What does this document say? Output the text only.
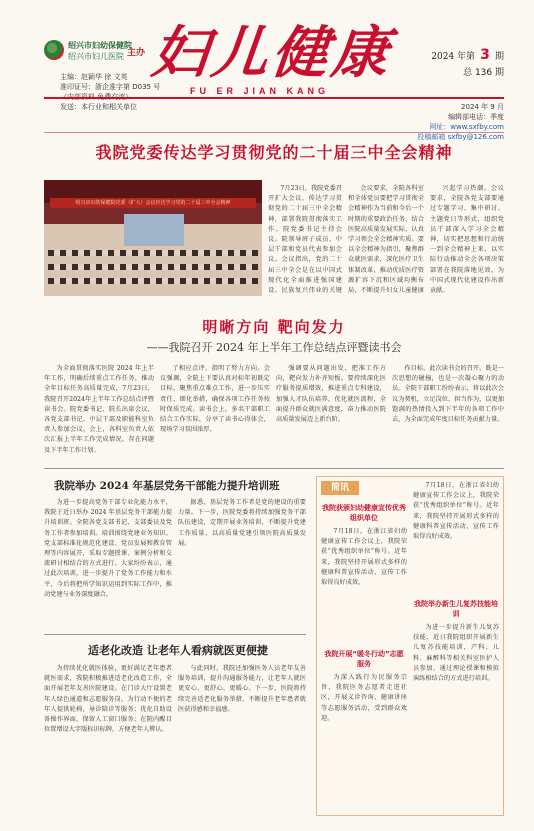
绍兴市妇幼保健院
绍兴市妇儿医院 主办 妇儿健康
FU ER JIAN KANG
2024 年第 3 期
总 136 期
主编：赵颖华 徐 文英
准印证号：浙企准字第 D035 号
发送：本行业和相关单位	2024 年 9 月
编辑部电话：季度
网址：www.sxfby.com
投稿邮箱 sxfby@126.com
我院党委传达学习贯彻党的二十届三中全会精神
绍兴市妇幼保健院党委（扩大）会议传达学习党的二十届三中全会精神

7月23日，我院党委召开扩大会议，传达学习贯彻党的二十届三中全会精神，部署我院贯彻落实工作。院党委书记主持会议。院领导班子成员、中层干部和党员代表参加会议。会议指出，党的二十届三中全会是在以中国式现代化全面推进强国建设、民族复兴伟业的关键

会议要求，全院各科室和全体党员要把学习贯彻全会精神作为当前和今后一个时期的重要政治任务，结合医院高质量发展实际，认真学习领会全会精神实质。要以全会精神为指引，聚焦群众就医需求，深化医疗卫生体制改革，推动优质医疗资源扩容下沉和区域均衡布局，不断提升妇女儿童健康

兴起学习热潮。会议要求，全院各党支部要通过专题学习、集中研讨、主题党日等形式，组织党员干部深入学习全会精神，切实把思想和行动统一到全会精神上来，以实际行动推动全会各项决策部署在我院落地见效，为中国式现代化建设作出新贡献。

明晰方向 靶向发力
——我院召开 2024 年上半年工作总结点评暨读书会

为全面贯彻落实医院 2024 年上半年工作，明确后续重点工作任务，推动全年目标任务高质量完成，7月23日，我院召开2024年上半年工作总结点评暨读书会。院党委书记、院长出席会议，各党支部书记、中层干部及职能科室负责人参加会议。会上，各科室负责人依次汇报上半年工作完成情况、存在问题及下半年工作计划。

了相应点评，指明了努力方向。会议强调，全院上下要认真对标年初既定目标，聚焦重点难点工作，进一步压实责任、细化举措，确保各项工作任务按时保质完成。读书会上，多名干部职工结合工作实际，分享了读书心得体会，现场学习氛围浓厚。

强调要从问题出发，把准工作方向，靶向发力补齐短板。要持续深化医疗服务提质增效，推进重点专科建设，加强人才队伍培养，优化就医流程，全面提升群众就医满意度，奋力推动医院高质量发展迈上新台阶。

作目标，此次读书会的召开，既是一次思想的碰撞，也是一次凝心聚力的动员。全院干部职工纷纷表示，将以此次会议为契机，立足岗位、担当作为，以更加饱满的热情投入到下半年的各项工作中去，为全面完成年度目标任务贡献力量。

我院举办 2024 年基层党务干部能力提升培训班

为进一步提高党务干部专业化能力水平，我院于近日举办 2024 年基层党务干部能力提升培训班。全院各党支部书记、支部委员及党务工作者参加培训。培训围绕党建业务知识、党支部标准化规范化建设、党员发展和教育管理等内容展开，采取专题授课、案例分析和交流研讨相结合的方式进行。大家纷纷表示，通过此次培训，进一步提升了党务工作能力和水平，今后将把所学知识运用到实际工作中，推动党建与业务深度融合。

据悉，基层党务工作者是党的建设的重要力量。下一步，医院党委将持续加强党务干部队伍建设，定期开展业务培训，不断提升党建工作质量，以高质量党建引领医院高质量发展。

适老化改造 让老年人看病就医更便捷

为持续优化就医体验，更好满足老年患者就医需求，我院积极推进适老化改造工作，全面开展老年友善医院建设。在门诊大厅设置老年人绿色通道和志愿服务岗，为行动不便的老年人提供轮椅、导诊陪诊等服务；优化自助设备操作界面，保留人工窗口服务；在院内醒目位置增设大字版标识标牌，方便老年人辨认。

与此同时，我院还加强医务人员老年友善服务培训，提升沟通服务能力，让老年人就医更安心、更舒心、更暖心。下一步，医院将持续完善适老化服务举措，不断提升老年患者就医获得感和幸福感。

简讯
我院获颁妇幼健康宣传优秀组织单位

7月18日，在浙江省妇幼健康宣传工作会议上，我院荣获“优秀组织单位”称号。近年来，我院坚持开展形式多样的健康科普宣传活动，宣传工作取得良好成效。

我院开展“暖冬行动”志愿服务

为深入践行为民服务宗旨，我院医务志愿者走进社区，开展义诊咨询、健康讲座等志愿服务活动，受到群众欢迎。

我院举办新生儿复苏技能培训

7月18日，在浙江省妇幼健康宣传工作会议上，我院荣获“优秀组织单位”称号。近年来，我院坚持开展形式多样的健康科普宣传活动，宣传工作取得良好成效。

为进一步提升新生儿复苏技能，近日我院组织开展新生儿复苏技能培训，产科、儿科、麻醉科等相关科室医护人员参加，通过理论授课和模拟演练相结合的方式进行培训。
